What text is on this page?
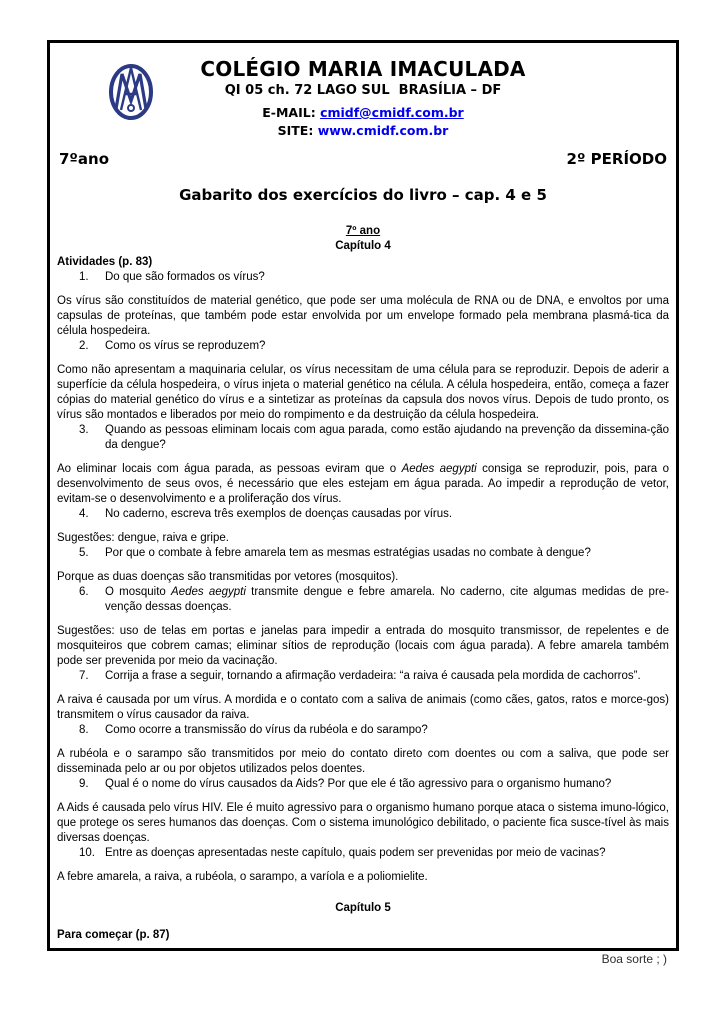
COLÉGIO MARIA IMACULADA
QI 05 ch. 72 LAGO SUL  BRASÍLIA – DF
E-MAIL: cmidf@cmidf.com.br
SITE: www.cmidf.com.br
7ºano	2º PERÍODO
Gabarito dos exercícios do livro – cap. 4 e 5
7º ano
Capítulo 4
Atividades (p. 83)
1.	Do que são formados os vírus?

Os vírus são constituídos de material genético, que pode ser uma molécula de RNA ou de DNA, e envoltos por uma capsulas de proteínas, que também pode estar envolvida por um envelope formado pela membrana plasmá-tica da célula hospedeira.

2.	Como os vírus se reproduzem?

Como não apresentam a maquinaria celular, os vírus necessitam de uma célula para se reproduzir. Depois de aderir a superfície da célula hospedeira, o vírus injeta o material genético na célula. A célula hospedeira, então, começa a fazer cópias do material genético do vírus e a sintetizar as proteínas da capsula dos novos vírus. Depois de tudo pronto, os vírus são montados e liberados por meio do rompimento e da destruição da célula hospedeira.

3.	Quando as pessoas eliminam locais com agua parada, como estão ajudando na prevenção da dissemina-ção da dengue?

Ao eliminar locais com água parada, as pessoas eviram que o Aedes aegypti consiga se reproduzir, pois, para o desenvolvimento de seus ovos, é necessário que eles estejam em água parada. Ao impedir a reprodução de vetor, evitam-se o desenvolvimento e a proliferação dos vírus.

4.	No caderno, escreva três exemplos de doenças causadas por vírus.

Sugestões: dengue, raiva e gripe.

5.	Por que o combate à febre amarela tem as mesmas estratégias usadas no combate à dengue?

Porque as duas doenças são transmitidas por vetores (mosquitos).

6.	O mosquito Aedes aegypti transmite dengue e febre amarela. No caderno, cite algumas medidas de pre-venção dessas doenças.

Sugestões: uso de telas em portas e janelas para impedir a entrada do mosquito transmissor, de repelentes e de mosquiteiros que cobrem camas; eliminar sítios de reprodução (locais com água parada). A febre amarela também pode ser prevenida por meio da vacinação.

7.	Corrija a frase a seguir, tornando a afirmação verdadeira: “a raiva é causada pela mordida de cachorros”.

A raiva é causada por um vírus. A mordida e o contato com a saliva de animais (como cães, gatos, ratos e morce-gos) transmitem o vírus causador da raiva.

8.	Como ocorre a transmissão do vírus da rubéola e do sarampo?

A rubéola e o sarampo são transmitidos por meio do contato direto com doentes ou com a saliva, que pode ser disseminada pelo ar ou por objetos utilizados pelos doentes.

9.	Qual é o nome do vírus causados da Aids? Por que ele é tão agressivo para o organismo humano?

A Aids é causada pelo vírus HIV. Ele é muito agressivo para o organismo humano porque ataca o sistema imuno-lógico, que protege os seres humanos das doenças. Com o sistema imunológico debilitado, o paciente fica susce-tível às mais diversas doenças.

10. Entre as doenças apresentadas neste capítulo, quais podem ser prevenidas por meio de vacinas?

A febre amarela, a raiva, a rubéola, o sarampo, a varíola e a poliomielite.

Capítulo 5
Para começar (p. 87)
Boa sorte ; )
